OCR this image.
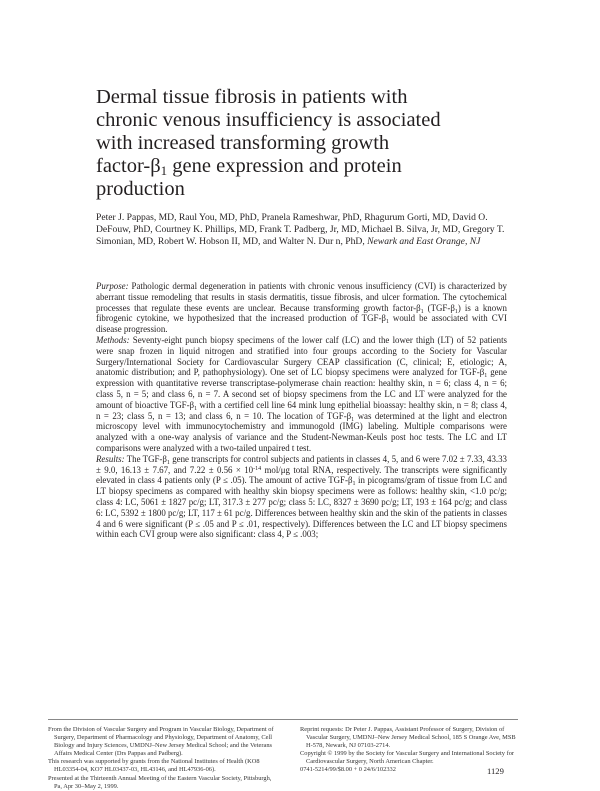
Dermal tissue fibrosis in patients with
chronic venous insufficiency is associated
with increased transforming growth
factor-$\beta_1$ gene expression and protein
production

Peter J. Pappas, MD, Raul You, MD, PhD, Pranela Rameshwar, PhD, Rhagurum Gorti, MD, David O. DeFouw, PhD, Courtney K. Phillips, MD, Frank T. Padberg, Jr, MD, Michael B. Silva, Jr, MD, Gregory T. Simonian, MD, Robert W. Hobson II, MD, and Walter N. Dur n, PhD, Newark and East Orange, NJ

Purpose: Pathologic dermal degeneration in patients with chronic venous insufficiency (CVI) is characterized by aberrant tissue remodeling that results in stasis dermatitis, tissue fibrosis, and ulcer formation. The cytochemical processes that regulate these events are unclear. Because transforming growth factor-$\beta_1$ $(TGF-\beta_1)$ is a known fibrogenic cytokine, we hypothesized that the increased production of TGF-$\beta_1$ would be associated with CVI disease progression.

Methods: Seventy-eight punch biopsy specimens of the lower calf (LC) and the lower thigh (LT) of 52 patients were snap frozen in liquid nitrogen and stratified into four groups according to the Society for Vascular Surgery/International Society for Cardiovascular Surgery CEAP classification (C, clinical; E, etiologic; A, anatomic distribution; and P, pathophysiology). One set of LC biopsy specimens were analyzed for TGF-$\beta_1$ gene expression with quantitative reverse transcriptase-polymerase chain reaction: healthy skin, n = 6; class 4, n = 6; class 5, n = 5; and class 6, n = 7. A second set of biopsy specimens from the LC and LT were analyzed for the amount of bioactive TGF-$\beta_1$ with a certified cell line 64 mink lung epithelial bioassay: healthy skin, n = 8; class 4, n = 23; class 5, n = 13; and class 6, n = 10. The location of TGF-$\beta_1$ was determined at the light and electron microscopy level with immunocytochemistry and immunogold (IMG) labeling. Multiple comparisons were analyzed with a one-way analysis of variance and the Student-Newman-Keuls post hoc tests. The LC and LT comparisons were analyzed with a two-tailed unpaired t test.

Results: The TGF-$\beta_1$ gene transcripts for control subjects and patients in classes 4, 5, and 6 were 7.02 ± 7.33, 43.33 ± 9.0, 16.13 ± 7.67, and $7.22 \pm 0.56 \times 10^{-14}$ mol/μg total RNA, respectively. The transcripts were significantly elevated in class 4 patients only (P ≤ .05). The amount of active TGF-$\beta_1$ in picograms/gram of tissue from LC and LT biopsy specimens as compared with healthy skin biopsy specimens were as follows: healthy skin, <1.0 pc/g; class 4: LC, 5061 ± 1827 pc/g; LT, 317.3 ± 277 pc/g; class 5: LC, 8327 ± 3690 pc/g; LT, 193 ± 164 pc/g; and class 6: LC, 5392 ± 1800 pc/g; LT, 117 ± 61 pc/g. Differences between healthy skin and the skin of the patients in classes 4 and 6 were significant (P ≤ .05 and P ≤ .01, respectively). Differences between the LC and LT biopsy specimens within each CVI group were also significant: class 4, P ≤ .003;

From the Division of Vascular Surgery and Program in Vascular Biology, Department of Surgery, Department of Pharmacology and Physiology, Department of Anatomy, Cell Biology and Injury Sciences, UMDNJ–New Jersey Medical School; and the Veterans Affairs Medical Center (Drs Pappas and Padberg).

This research was supported by grants from the National Institutes of Health (KO8 HL03354-04, KO7 HL03437-03, HL43146, and HL47936-06).

Presented at the Thirteenth Annual Meeting of the Eastern Vascular Society, Pittsburgh, Pa, Apr 30–May 2, 1999.

Reprint requests: Dr Peter J. Pappas, Assistant Professor of Surgery, Division of Vascular Surgery, UMDNJ–New Jersey Medical School, 185 S Orange Ave, MSB H-578, Newark, NJ 07103-2714.

Copyright © 1999 by the Society for Vascular Surgery and International Society for Cardiovascular Surgery, North American Chapter.

0741-5214/99/$8.00 + 0 24/6/102332	1129
